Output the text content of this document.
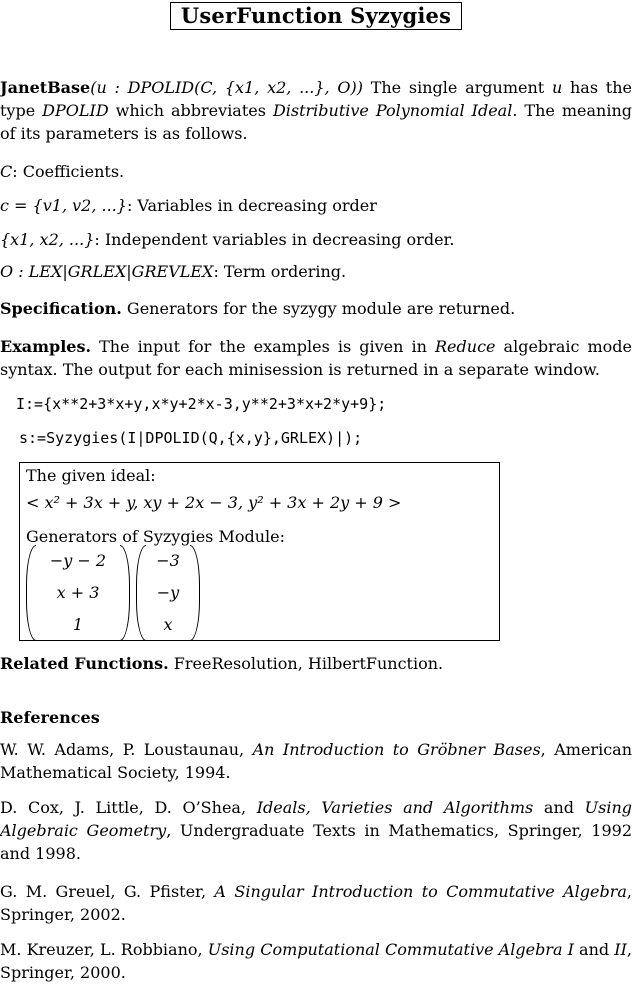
UserFunction Syzygies
JanetBase(u : DPOLID(C, {x1, x2, ...}, O)) The single argument u has the type DPOLID which abbreviates Distributive Polynomial Ideal. The meaning of its parameters is as follows.
C: Coefficients.
c = {v1, v2, ...}: Variables in decreasing order
{x1, x2, ...}: Independent variables in decreasing order.
O : LEX|GRLEX|GREVLEX: Term ordering.
Specification. Generators for the syzygy module are returned.
Examples. The input for the examples is given in Reduce algebraic mode syntax. The output for each minisession is returned in a separate window.
I:={x**2+3*x+y,x*y+2*x-3,y**2+3*x+2*y+9};
s:=Syzygies(I|DPOLID(Q,{x,y},GRLEX)|);
The given ideal:
< x² + 3x + y, xy + 2x − 3, y² + 3x + 2y + 9 >
Generators of Syzygies Module:
−y − 2
x + 3
1
−3
−y
x
Related Functions. FreeResolution, HilbertFunction.
References
W. W. Adams, P. Loustaunau, An Introduction to Gröbner Bases, American Mathematical Society, 1994.
D. Cox, J. Little, D. O’Shea, Ideals, Varieties and Algorithms and Using Algebraic Geometry, Undergraduate Texts in Mathematics, Springer, 1992 and 1998.
G. M. Greuel, G. Pfister, A Singular Introduction to Commutative Algebra, Springer, 2002.
M. Kreuzer, L. Robbiano, Using Computational Commutative Algebra I and II, Springer, 2000.
